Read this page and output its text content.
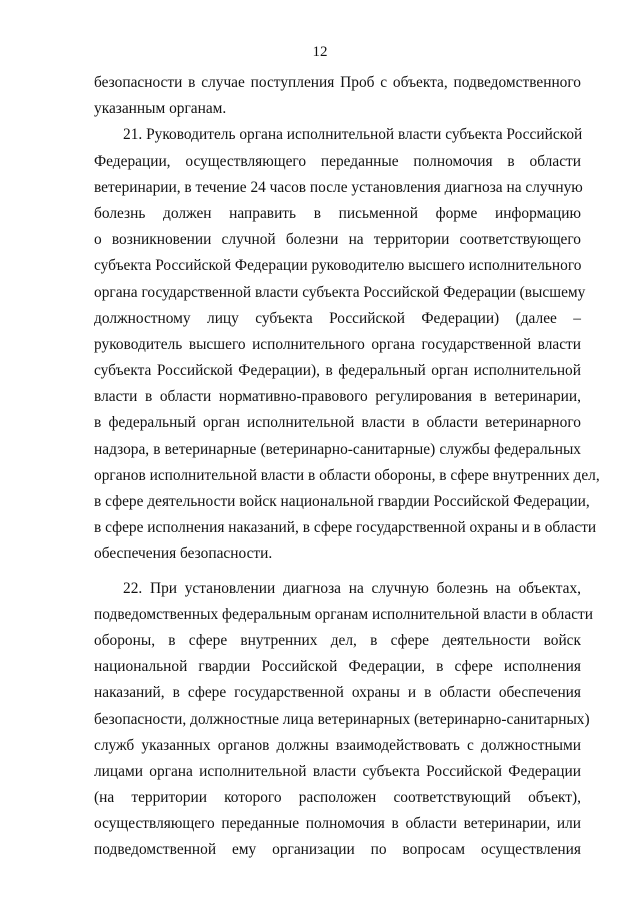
12
безопасности в случае поступления Проб с объекта, подведомственного
указанным органам.
21. Руководитель органа исполнительной власти субъекта Российской
Федерации, осуществляющего переданные полномочия в области
ветеринарии, в течение 24 часов после установления диагноза на случную
болезнь должен направить в письменной форме информацию
о возникновении случной болезни на территории соответствующего
субъекта Российской Федерации руководителю высшего исполнительного
органа государственной власти субъекта Российской Федерации (высшему
должностному лицу субъекта Российской Федерации) (далее –
руководитель высшего исполнительного органа государственной власти
субъекта Российской Федерации), в федеральный орган исполнительной
власти в области нормативно-правового регулирования в ветеринарии,
в федеральный орган исполнительной власти в области ветеринарного
надзора, в ветеринарные (ветеринарно-санитарные) службы федеральных
органов исполнительной власти в области обороны, в сфере внутренних дел,
в сфере деятельности войск национальной гвардии Российской Федерации,
в сфере исполнения наказаний, в сфере государственной охраны и в области
обеспечения безопасности.
22. При установлении диагноза на случную болезнь на объектах,
подведомственных федеральным органам исполнительной власти в области
обороны, в сфере внутренних дел, в сфере деятельности войск
национальной гвардии Российской Федерации, в сфере исполнения
наказаний, в сфере государственной охраны и в области обеспечения
безопасности, должностные лица ветеринарных (ветеринарно-санитарных)
служб указанных органов должны взаимодействовать с должностными
лицами органа исполнительной власти субъекта Российской Федерации
(на территории которого расположен соответствующий объект),
осуществляющего переданные полномочия в области ветеринарии, или
подведомственной ему организации по вопросам осуществления
